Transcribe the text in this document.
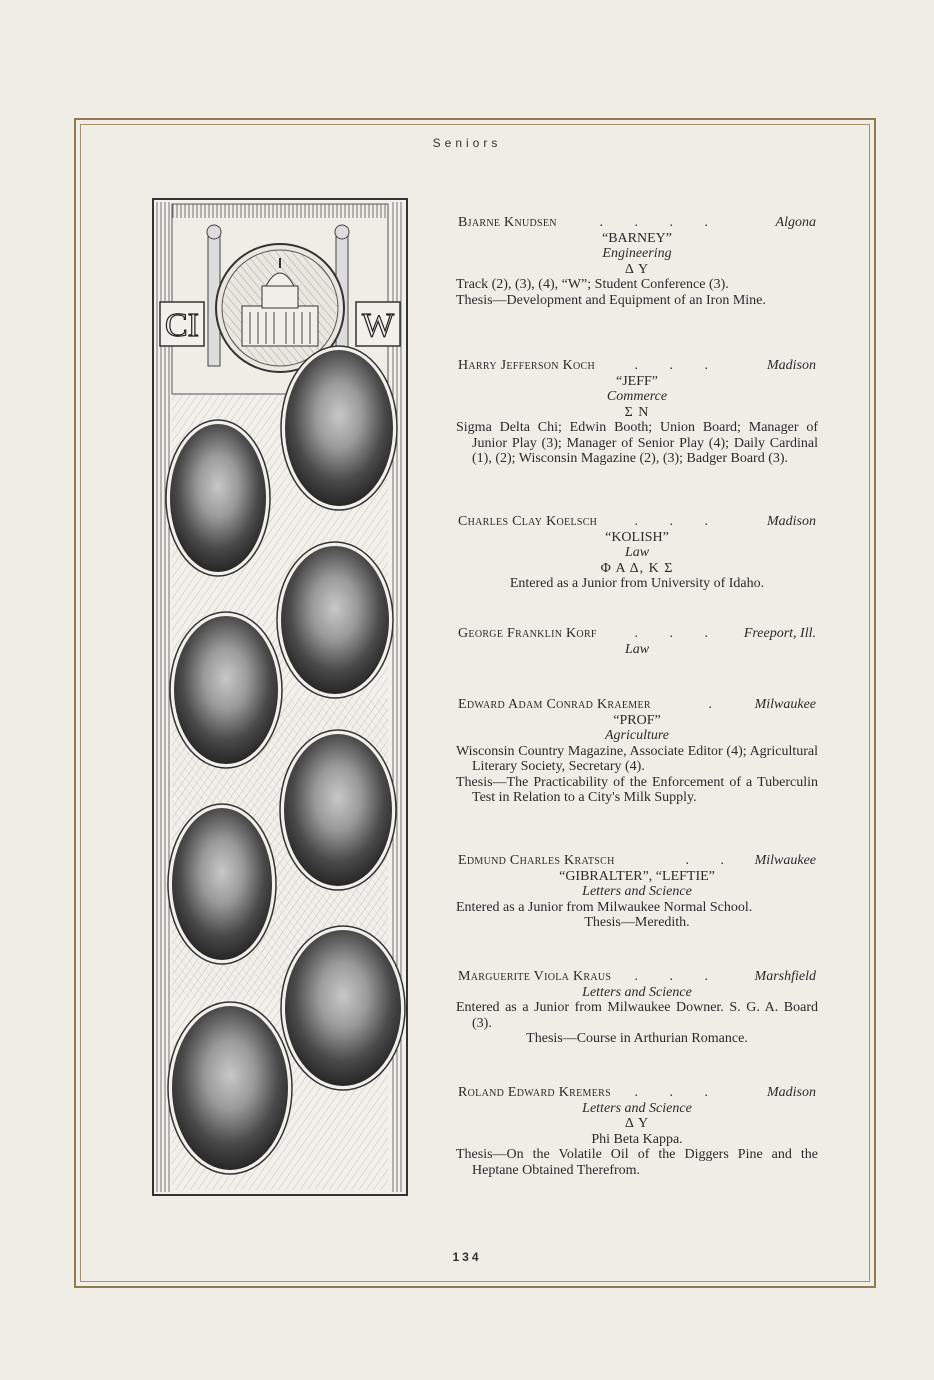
Seniors
CI	W
Bjarne Knudsen	. . . .	Algona
“BARNEY”
Engineering
Δ Υ
Track (2), (3), (4), “W”; Student Conference (3).
Thesis—Development and Equipment of an Iron Mine.
Harry Jefferson Koch	. . .	Madison
“JEFF”
Commerce
Σ N
Sigma Delta Chi; Edwin Booth; Union Board; Manager of Junior Play (3); Manager of Senior Play (4); Daily Cardinal (1), (2); Wisconsin Magazine (2), (3); Badger Board (3).
Charles Clay Koelsch	. . .	Madison
“KOLISH”
Law
Φ Α Δ, Κ Σ
Entered as a Junior from University of Idaho.
George Franklin Korf	. . . Freeport, Ill.
Law
Edward Adam Conrad Kraemer	. Milwaukee
“PROF”
Agriculture
Wisconsin Country Magazine, Associate Editor (4); Agricultural Literary Society, Secretary (4).
Thesis—The Practicability of the Enforcement of a Tuberculin Test in Relation to a City's Milk Supply.
Edmund Charles Kratsch	. . Milwaukee
“GIBRALTER”, “LEFTIE”
Letters and Science
Entered as a Junior from Milwaukee Normal School.
Thesis—Meredith.
Marguerite Viola Kraus . . . Marshfield
Letters and Science
Entered as a Junior from Milwaukee Downer. S. G. A. Board (3).
Thesis—Course in Arthurian Romance.
Roland Edward Kremers . . .	Madison
Letters and Science
Δ Υ
Phi Beta Kappa.
Thesis—On the Volatile Oil of the Diggers Pine and the Heptane Obtained Therefrom.
134
